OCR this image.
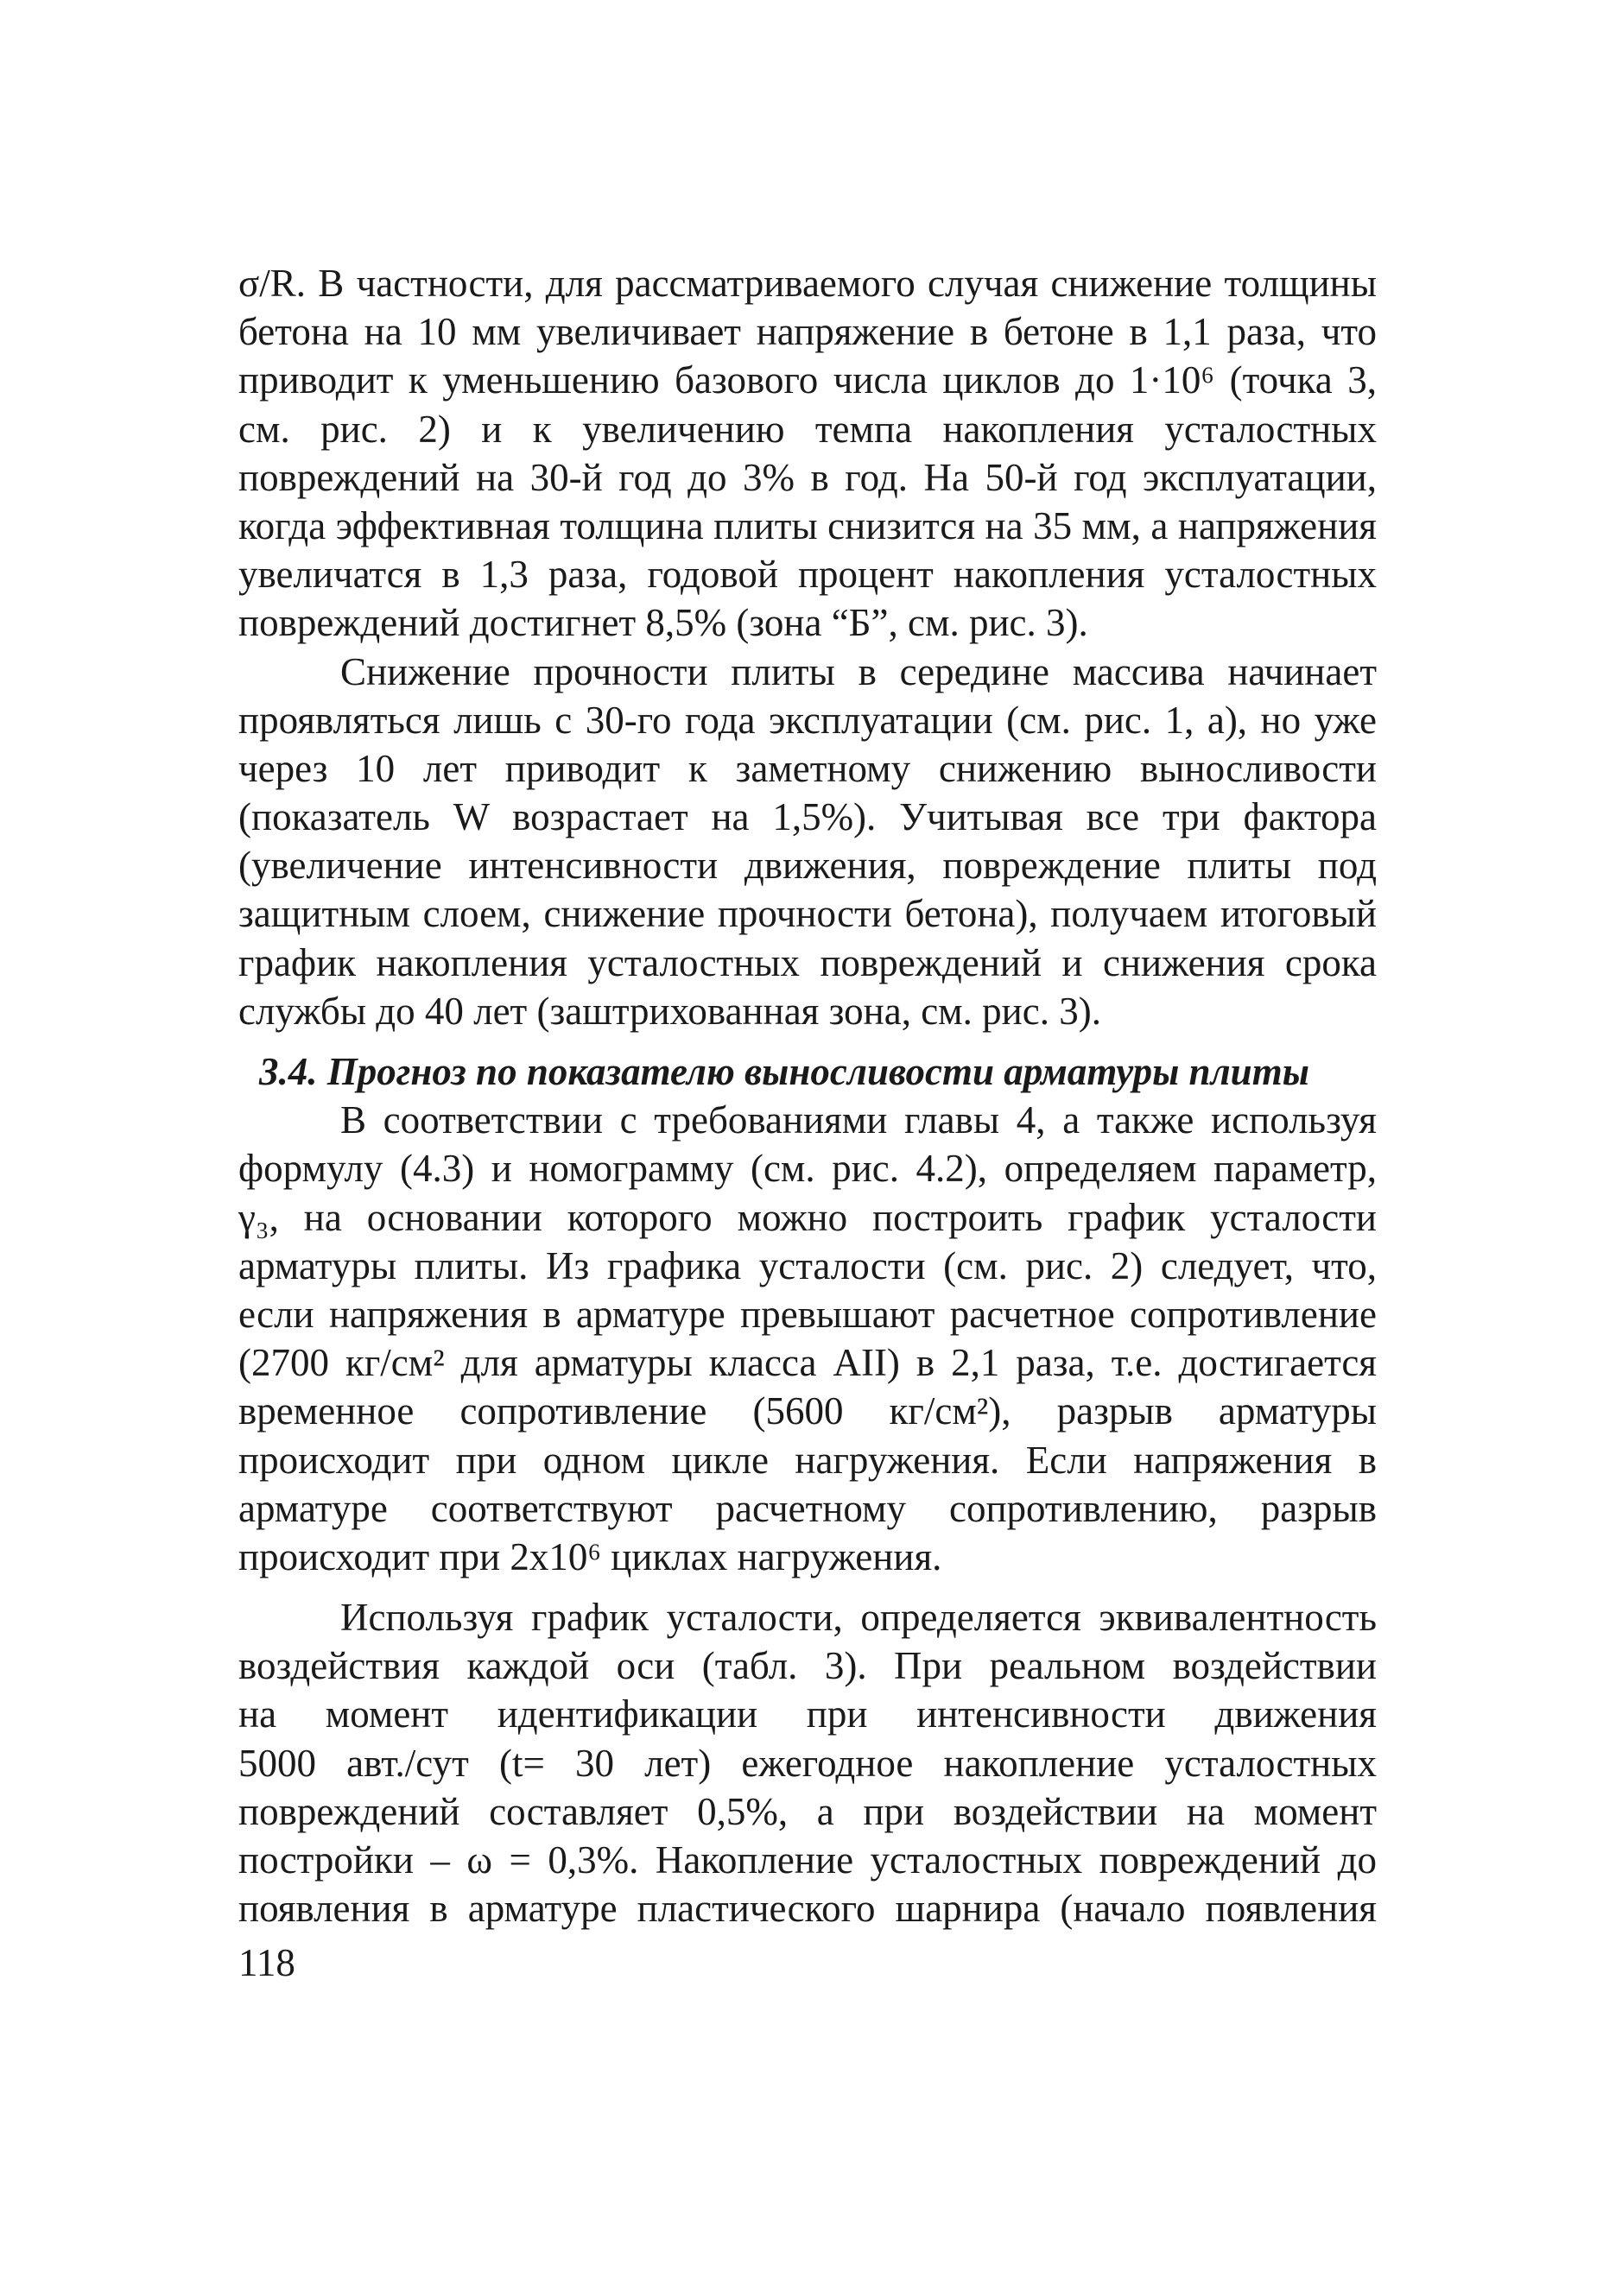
σ/R. В частности, для рассматриваемого случая снижение толщины
бетона на 10 мм увеличивает напряжение в бетоне в 1,1 раза, что
приводит к уменьшению базового числа циклов до 1·10⁶ (точка 3,
см. рис. 2) и к увеличению темпа накопления усталостных
повреждений на 30-й год до 3% в год. На 50-й год эксплуатации,
когда эффективная толщина плиты снизится на 35 мм, а напряжения
увеличатся в 1,3 раза, годовой процент накопления усталостных
повреждений достигнет 8,5% (зона “Б”, см. рис. 3).
Снижение прочности плиты в середине массива начинает
проявляться лишь с 30-го года эксплуатации (см. рис. 1, а), но уже
через 10 лет приводит к заметному снижению выносливости
(показатель W возрастает на 1,5%). Учитывая все три фактора
(увеличение интенсивности движения, повреждение плиты под
защитным слоем, снижение прочности бетона), получаем итоговый
график накопления усталостных повреждений и снижения срока
службы до 40 лет (заштрихованная зона, см. рис. 3).
3.4. Прогноз по показателю выносливости арматуры плиты
В соответствии с требованиями главы 4, а также используя
формулу (4.3) и номограмму (см. рис. 4.2), определяем параметр,
γ₃, на основании которого можно построить график усталости
арматуры плиты. Из графика усталости (см. рис. 2) следует, что,
если напряжения в арматуре превышают расчетное сопротивление
(2700 кг/см² для арматуры класса АII) в 2,1 раза, т.е. достигается
временное сопротивление (5600 кг/см²), разрыв арматуры
происходит при одном цикле нагружения. Если напряжения в
арматуре соответствуют расчетному сопротивлению, разрыв
происходит при 2х10⁶ циклах нагружения.
Используя график усталости, определяется эквивалентность
воздействия каждой оси (табл. 3). При реальном воздействии
на момент идентификации при интенсивности движения
5000 авт./сут (t= 30 лет) ежегодное накопление усталостных
повреждений составляет 0,5%, а при воздействии на момент
постройки – ω = 0,3%. Накопление усталостных повреждений до
появления в арматуре пластического шарнира (начало появления
118
